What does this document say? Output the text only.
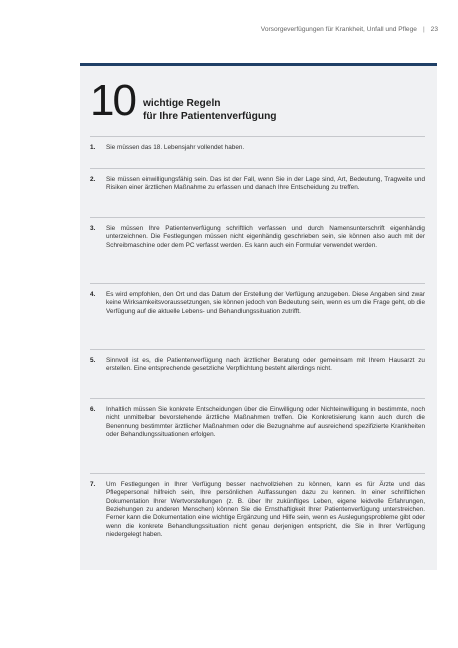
Vorsorgeverfügungen für Krankheit, Unfall und Pflege | 23
10 wichtige Regeln
für Ihre Patientenverfügung
1.	Sie müssen das 18. Lebensjahr vollendet haben.
2.	Sie müssen einwilligungsfähig sein. Das ist der Fall, wenn Sie in der Lage sind, Art, Bedeutung, Tragweite und Risiken einer ärztlichen Maßnahme zu erfassen und danach Ihre Entscheidung zu treffen.
3.	Sie müssen Ihre Patientenverfügung schriftlich verfassen und durch Namensunterschrift eigenhändig unterzeichnen. Die Festlegungen müssen nicht eigenhändig geschrieben sein, sie können also auch mit der Schreibmaschine oder dem PC verfasst werden. Es kann auch ein Formular verwendet werden.
4.	Es wird empfohlen, den Ort und das Datum der Erstellung der Verfügung anzugeben. Diese Angaben sind zwar keine Wirksamkeitsvoraussetzungen, sie können jedoch von Bedeutung sein, wenn es um die Frage geht, ob die Verfügung auf die aktuelle Lebens- und Behandlungssituation zutrifft.
5.	Sinnvoll ist es, die Patientenverfügung nach ärztlicher Beratung oder gemeinsam mit Ihrem Hausarzt zu erstellen. Eine entsprechende gesetzliche Verpflichtung besteht allerdings nicht.
6.	Inhaltlich müssen Sie konkrete Entscheidungen über die Einwilligung oder Nichteinwilligung in bestimmte, noch nicht unmittelbar bevorstehende ärztliche Maßnahmen treffen. Die Konkretisierung kann auch durch die Benennung bestimmter ärztlicher Maßnahmen oder die Bezugnahme auf ausreichend spezifizierte Krankheiten oder Behandlungssituationen erfolgen.
7.	Um Festlegungen in Ihrer Verfügung besser nachvollziehen zu können, kann es für Ärzte und das Pflegepersonal hilfreich sein, Ihre persönlichen Auffassungen dazu zu kennen. In einer schriftlichen Dokumentation Ihrer Wertvorstellungen (z. B. über Ihr zukünftiges Leben, eigene leidvolle Erfahrungen, Beziehungen zu anderen Menschen) können Sie die Ernsthaftigkeit Ihrer Patientenverfügung unterstreichen. Ferner kann die Dokumentation eine wichtige Ergänzung und Hilfe sein, wenn es Auslegungsprobleme gibt oder wenn die konkrete Behandlungssituation nicht genau derjenigen entspricht, die Sie in Ihrer Verfügung niedergelegt haben.
